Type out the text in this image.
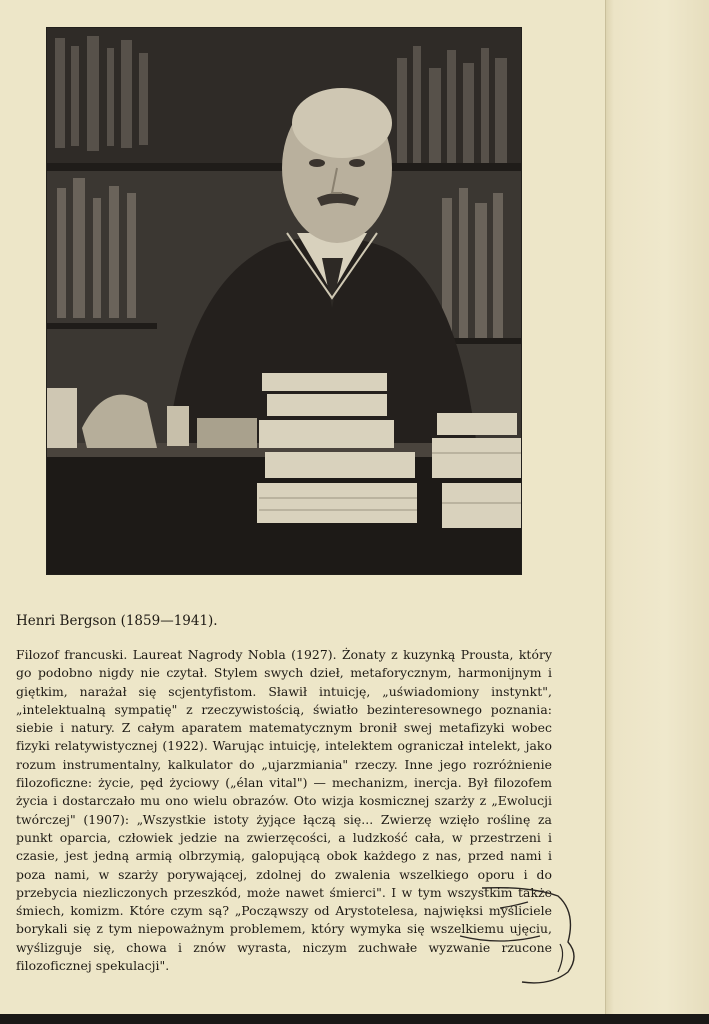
Henri Bergson (1859—1941).

Filozof francuski. Laureat Nagrody Nobla (1927). Żonaty z kuzynką Prousta, który go podobno nigdy nie czytał. Stylem swych dzieł, metaforycznym, harmonijnym i giętkim, narażał się scjentyfistom. Sławił intuicję, „uświadomiony instynkt", „intelektualną sympatię" z rzeczywistością, światło bezinteresownego poznania: siebie i natury. Z całym aparatem matematycznym bronił swej metafizyki wobec fizyki relatywistycznej (1922). Warując intuicję, intelektem ograniczał intelekt, jako rozum instrumentalny, kalkulator do „ujarzmiania" rzeczy. Inne jego rozróżnienie filozoficzne: życie, pęd życiowy („élan vital") — mechanizm, inercja. Był filozofem życia i dostarczało mu ono wielu obrazów. Oto wizja kosmicznej szarży z „Ewolucji twórczej" (1907): „Wszystkie istoty żyjące łączą się... Zwierzę wzięło roślinę za punkt oparcia, człowiek jedzie na zwierzęcości, a ludzkość cała, w przestrzeni i czasie, jest jedną armią olbrzymią, galopującą obok każdego z nas, przed nami i poza nami, w szarży porywającej, zdolnej do zwalenia wszelkiego oporu i do przebycia niezliczonych przeszkód, może nawet śmierci". I w tym wszystkim także śmiech, komizm. Które czym są? „Począwszy od Arystotelesa, najwięksi myśliciele borykali się z tym niepoważnym problemem, który wymyka się wszelkiemu ujęciu, wyślizguje się, chowa i znów wyrasta, niczym zuchwałe wyzwanie rzucone filozoficznej spekulacji".
